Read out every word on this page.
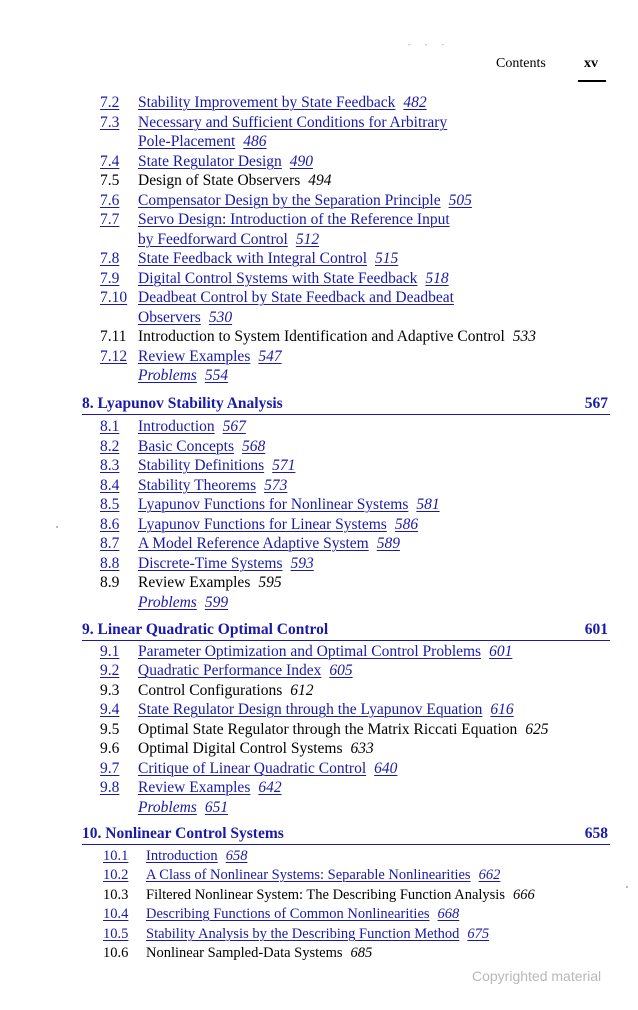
Contents	xv
- - -
7.2 Stability Improvement by State Feedback 482
7.3 Necessary and Sufficient Conditions for Arbitrary
Pole-Placement 486
7.4 State Regulator Design 490
7.5 Design of State Observers 494
7.6 Compensator Design by the Separation Principle 505
7.7 Servo Design: Introduction of the Reference Input
by Feedforward Control 512
7.8 State Feedback with Integral Control 515
7.9 Digital Control Systems with State Feedback 518
7.10 Deadbeat Control by State Feedback and Deadbeat
Observers 530
7.11 Introduction to System Identification and Adaptive Control 533
7.12 Review Examples 547
Problems 554
8. Lyapunov Stability Analysis	567
8.1 Introduction 567
8.2 Basic Concepts 568
8.3 Stability Definitions 571
8.4 Stability Theorems 573
8.5 Lyapunov Functions for Nonlinear Systems 581
8.6 Lyapunov Functions for Linear Systems 586
8.7 A Model Reference Adaptive System 589
8.8 Discrete-Time Systems 593
8.9 Review Examples 595
Problems 599
9. Linear Quadratic Optimal Control	601
9.1 Parameter Optimization and Optimal Control Problems 601
9.2 Quadratic Performance Index 605
9.3 Control Configurations 612
9.4 State Regulator Design through the Lyapunov Equation 616
9.5 Optimal State Regulator through the Matrix Riccati Equation 625
9.6 Optimal Digital Control Systems 633
9.7 Critique of Linear Quadratic Control 640
9.8 Review Examples 642
Problems 651
10. Nonlinear Control Systems	658
10.1 Introduction 658
10.2 A Class of Nonlinear Systems: Separable Nonlinearities 662
10.3 Filtered Nonlinear System: The Describing Function Analysis 666
10.4 Describing Functions of Common Nonlinearities 668
10.5 Stability Analysis by the Describing Function Method 675
10.6 Nonlinear Sampled-Data Systems 685
Copyrighted material
